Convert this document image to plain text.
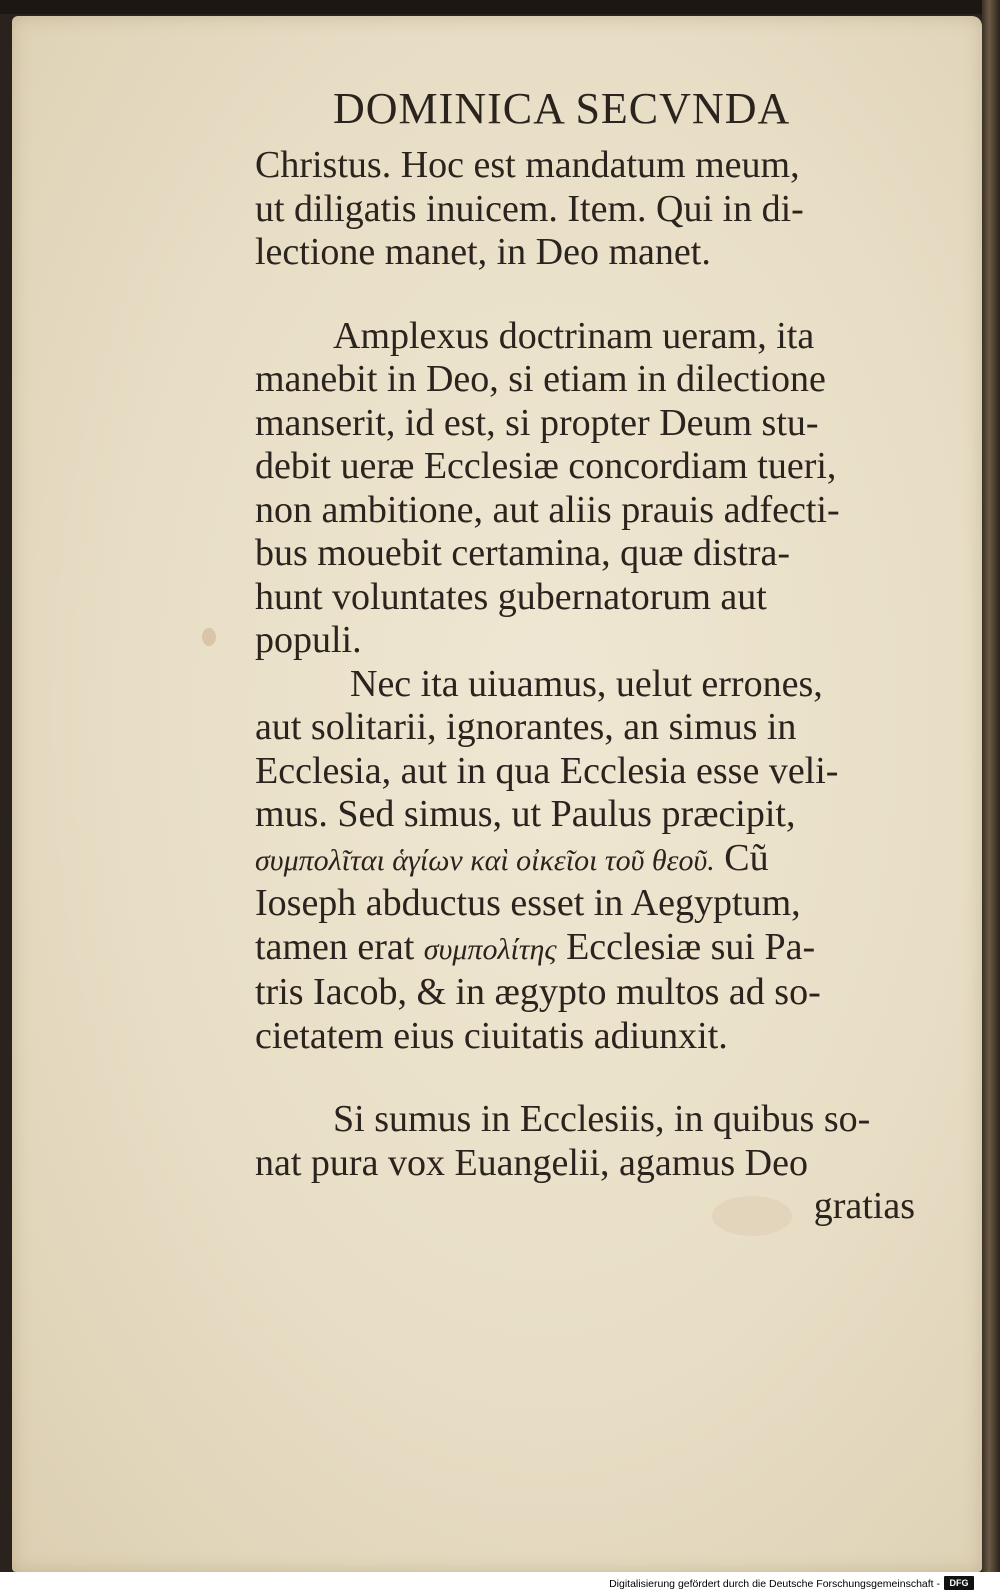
DOMINICA SECVNDA
Christus. Hoc est mandatum meum,
ut diligatis inuicem. Item. Qui in di-
lectione manet, in Deo manet.
Amplexus doctrinam ueram, ita
manebit in Deo, si etiam in dilectione
manserit, id est, si propter Deum stu-
debit ueræ Ecclesiæ concordiam tueri,
non ambitione, aut aliis prauis adfecti-
bus mouebit certamina, quæ distra-
hunt voluntates gubernatorum aut
populi.
Nec ita uiuamus, uelut errones,
aut solitarii, ignorantes, an simus in
Ecclesia, aut in qua Ecclesia esse veli-
mus. Sed simus, ut Paulus præcipit,
συμπολῖται ἁγίων καὶ οἰκεῖοι τοῦ θεοῦ. Cũ
Ioseph abductus esset in Aegyptum,
tamen erat συμπολίτης Ecclesiæ sui Pa-
tris Iacob, & in ægypto multos ad so-
cietatem eius ciuitatis adiunxit.
Si sumus in Ecclesiis, in quibus so-
nat pura vox Euangelii, agamus Deo
gratias
Digitalisierung gefördert durch die Deutsche Forschungsgemeinschaft -	DFG
